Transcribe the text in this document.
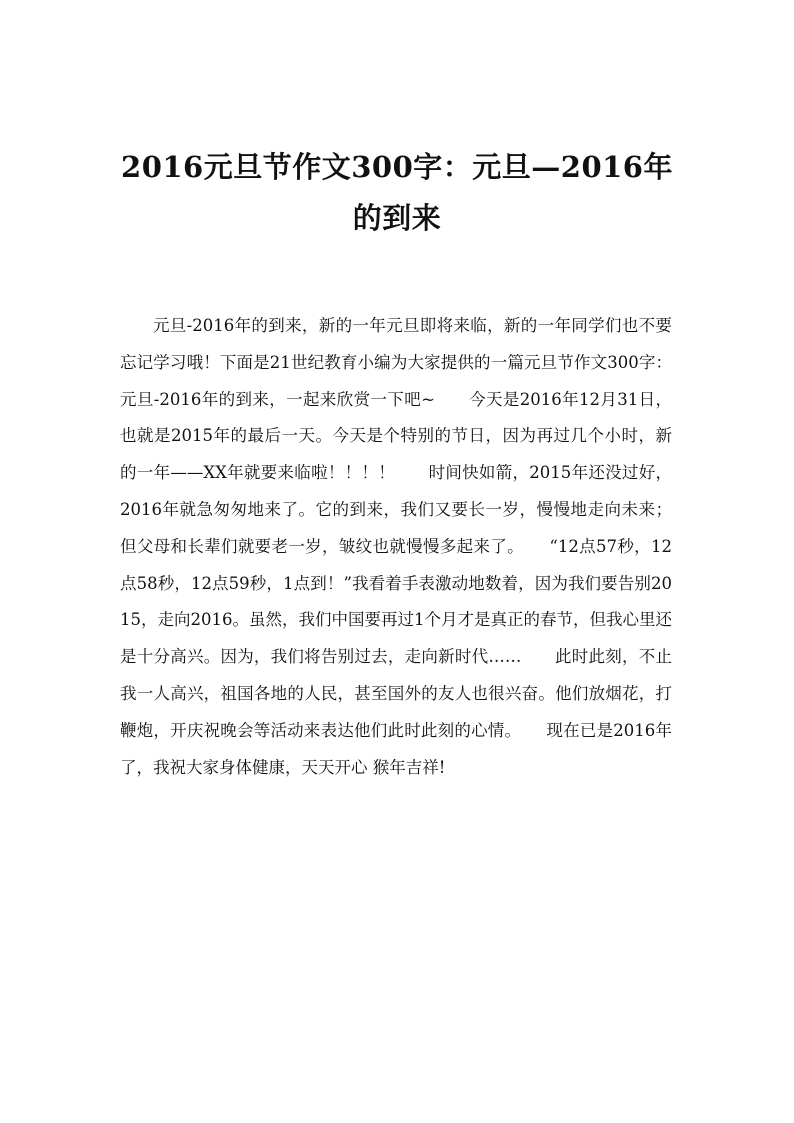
2016元旦节作文300字：元旦—2016年的到来

元旦-2016年的到来，新的一年元旦即将来临，新的一年同学们也不要忘记学习哦！下面是21世纪教育小编为大家提供的一篇元旦节作文300字：元旦-2016年的到来，一起来欣赏一下吧~　　今天是2016年12月31日，也就是2015年的最后一天。今天是个特别的节日，因为再过几个小时，新的一年——XX年就要来临啦！！！！　　时间快如箭，2015年还没过好，2016年就急匆匆地来了。它的到来，我们又要长一岁，慢慢地走向未来；但父母和长辈们就要老一岁，皱纹也就慢慢多起来了。　　“12点57秒，12点58秒，12点59秒，1点到！”我看着手表激动地数着，因为我们要告别2015，走向2016。虽然，我们中国要再过1个月才是真正的春节，但我心里还是十分高兴。因为，我们将告别过去，走向新时代……　　此时此刻，不止我一人高兴，祖国各地的人民，甚至国外的友人也很兴奋。他们放烟花，打鞭炮，开庆祝晚会等活动来表达他们此时此刻的心情。　　现在已是2016年了，我祝大家身体健康，天天开心 猴年吉祥!
